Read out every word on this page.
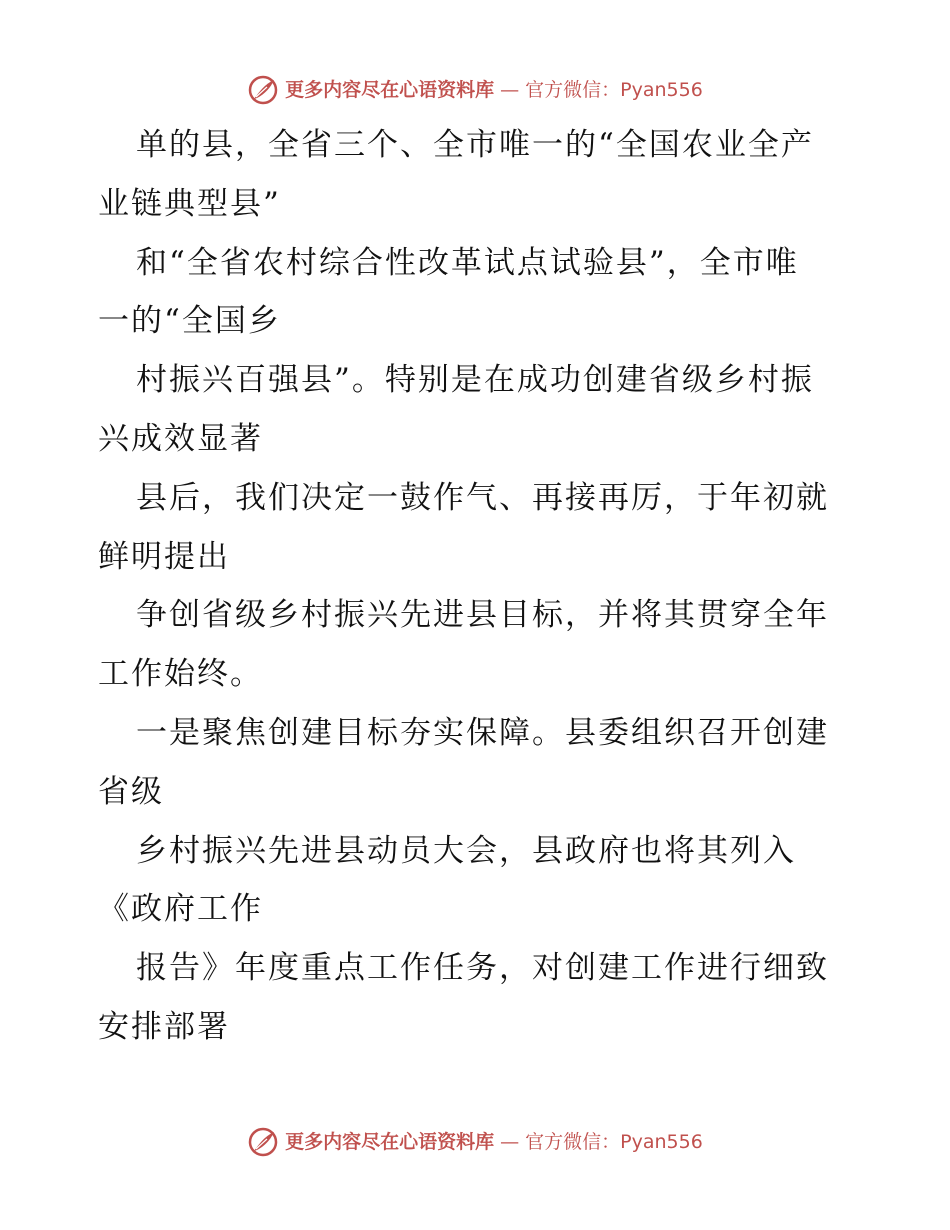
更多内容尽在心语资料库 — 官方微信：Pyan556
单的县，全省三个、全市唯一的“全国农业全产
业链典型县”
和“全省农村综合性改革试点试验县”，全市唯
一的“全国乡
村振兴百强县”。特别是在成功创建省级乡村振
兴成效显著
县后，我们决定一鼓作气、再接再厉，于年初就
鲜明提出
争创省级乡村振兴先进县目标，并将其贯穿全年
工作始终。
一是聚焦创建目标夯实保障。县委组织召开创建
省级
乡村振兴先进县动员大会，县政府也将其列入
《政府工作
报告》年度重点工作任务，对创建工作进行细致
安排部署
更多内容尽在心语资料库 — 官方微信：Pyan556
